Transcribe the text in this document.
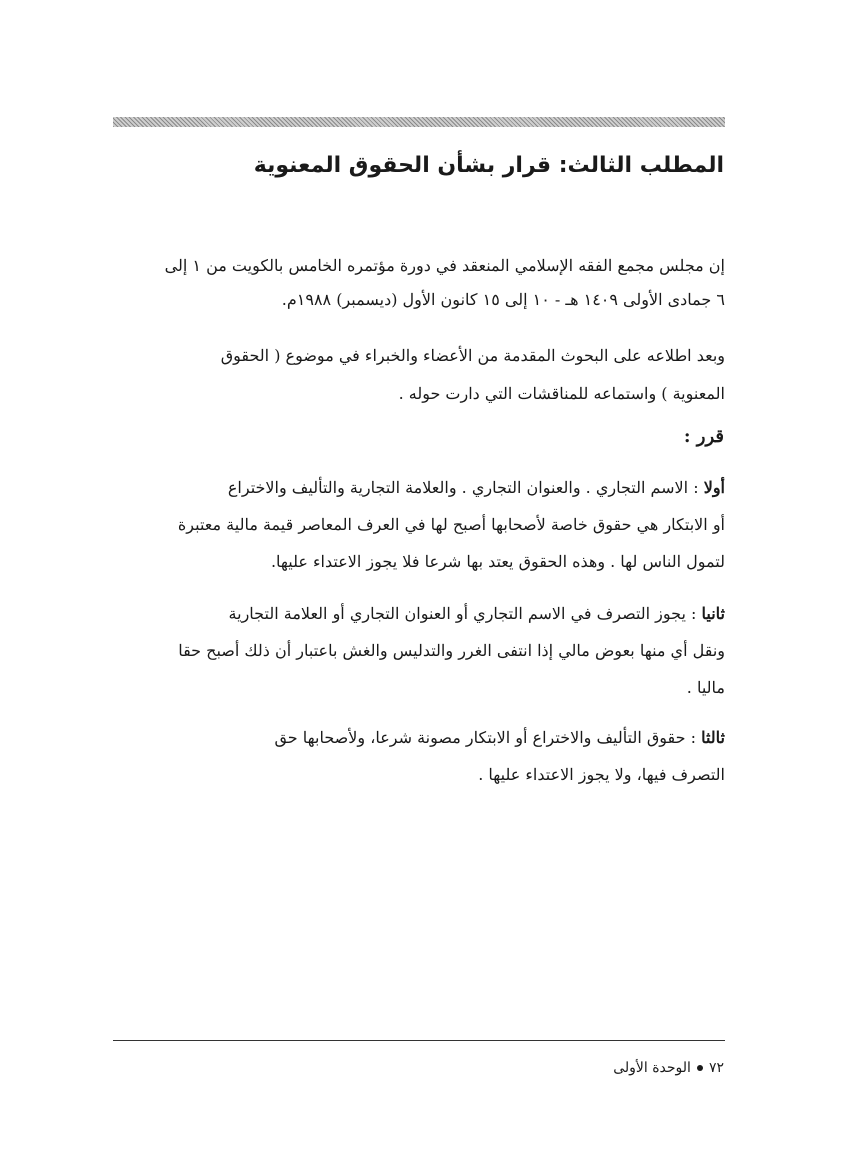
المطلب الثالث: قرار بشأن الحقوق المعنوية

إن مجلس مجمع الفقه الإسلامي المنعقد في دورة مؤتمره الخامس بالكويت من ١ إلى
٦ جمادى الأولى ١٤٠٩ هـ - ١٠ إلى ١٥ كانون الأول (ديسمبر) ١٩٨٨م.

وبعد اطلاعه على البحوث المقدمة من الأعضاء والخبراء في موضوع ( الحقوق
المعنوية ) واستماعه للمناقشات التي دارت حوله .

قرر :

أولا : الاسم التجاري . والعنوان التجاري . والعلامة التجارية والتأليف والاختراع
أو الابتكار هي حقوق خاصة لأصحابها أصبح لها في العرف المعاصر قيمة مالية معتبرة
لتمول الناس لها . وهذه الحقوق يعتد بها شرعا فلا يجوز الاعتداء عليها.

ثانيا : يجوز التصرف في الاسم التجاري أو العنوان التجاري أو العلامة التجارية
ونقل أي منها بعوض مالي إذا انتفى الغرر والتدليس والغش باعتبار أن ذلك أصبح حقا
ماليا .

ثالثا : حقوق التأليف والاختراع أو الابتكار مصونة شرعا، ولأصحابها حق
التصرف فيها، ولا يجوز الاعتداء عليها .

٧٢الوحدة الأولى
